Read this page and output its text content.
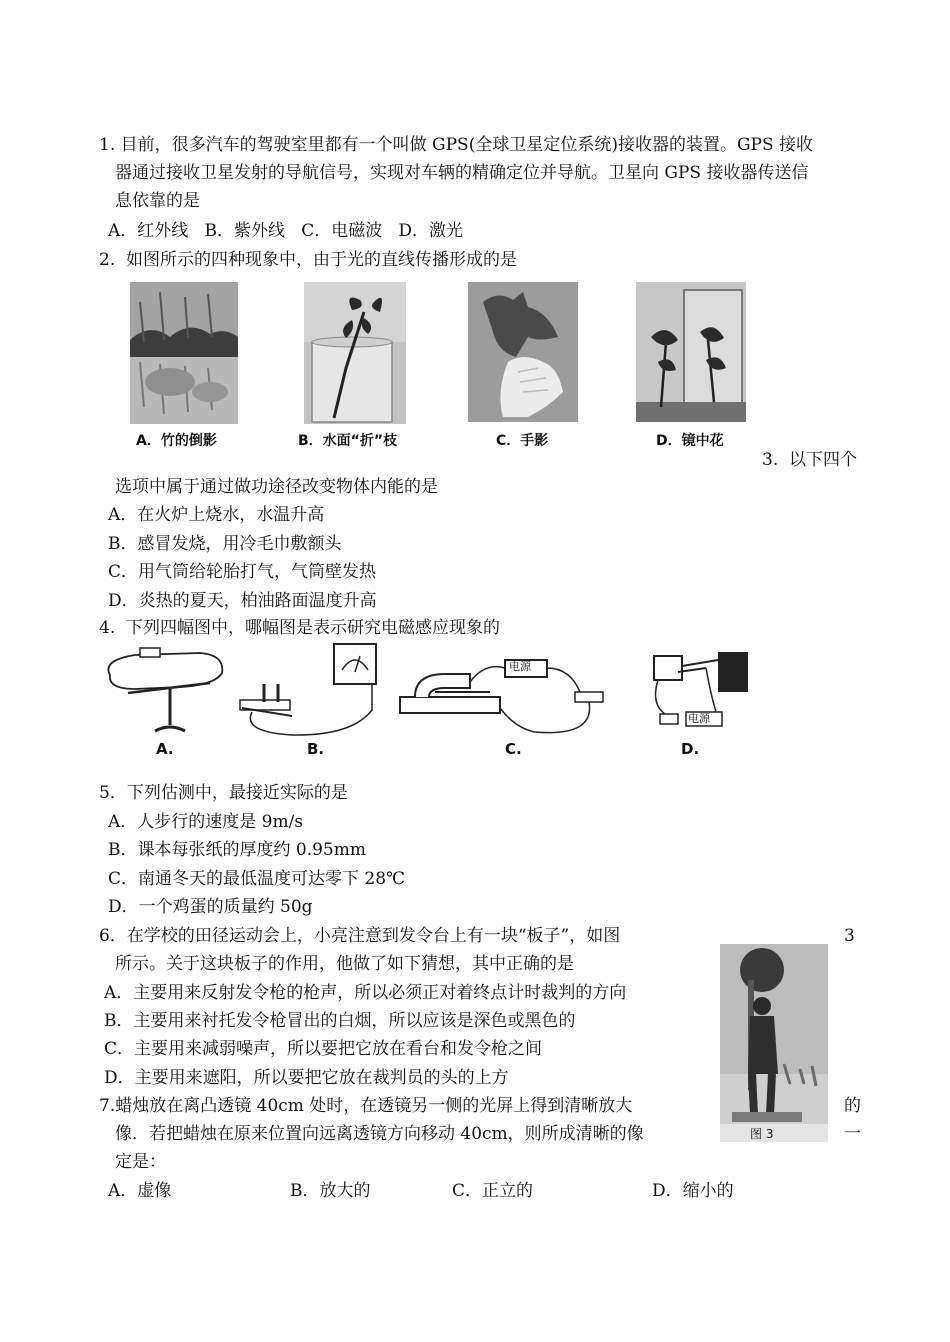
1. 目前，很多汽车的驾驶室里都有一个叫做 GPS(全球卫星定位系统)接收器的装置。GPS 接收
器通过接收卫星发射的导航信号，实现对车辆的精确定位并导航。卫星向 GPS 接收器传送信
息依靠的是
A．红外线   B．紫外线   C．电磁波   D．激光
2.  如图所示的四种现象中，由于光的直线传播形成的是
A．竹的倒影	B．水面“折”枝	C．手影	D．镜中花
3.  以下四个
选项中属于通过做功途径改变物体内能的是
A．在火炉上烧水，水温升高
B．感冒发烧，用冷毛巾敷额头
C．用气筒给轮胎打气，气筒壁发热
D．炎热的夏天，柏油路面温度升高
4.  下列四幅图中，哪幅图是表示研究电磁感应现象的
A.	B.
电源
C.
电源
D.
5．下列估测中，最接近实际的是
A．人步行的速度是 9m/s
B．课本每张纸的厚度约 0.95mm
C．南通冬天的最低温度可达零下 28℃
D．一个鸡蛋的质量约 50g
6．在学校的田径运动会上，小亮注意到发令台上有一块“板子”，如图	3
所示。关于这块板子的作用，他做了如下猜想，其中正确的是
A．主要用来反射发令枪的枪声，所以必须正对着终点计时裁判的方向
B．主要用来衬托发令枪冒出的白烟，所以应该是深色或黑色的
C．主要用来减弱噪声，所以要把它放在看台和发令枪之间
D．主要用来遮阳，所以要把它放在裁判员的头的上方
图 3
7.蜡烛放在离凸透镜 40cm 处时，在透镜另一侧的光屏上得到清晰放大	的
像．若把蜡烛在原来位置向远离透镜方向移动 40cm，则所成清晰的像	一
定是：
A．虚像	B．放大的	C．正立的	D．缩小的
